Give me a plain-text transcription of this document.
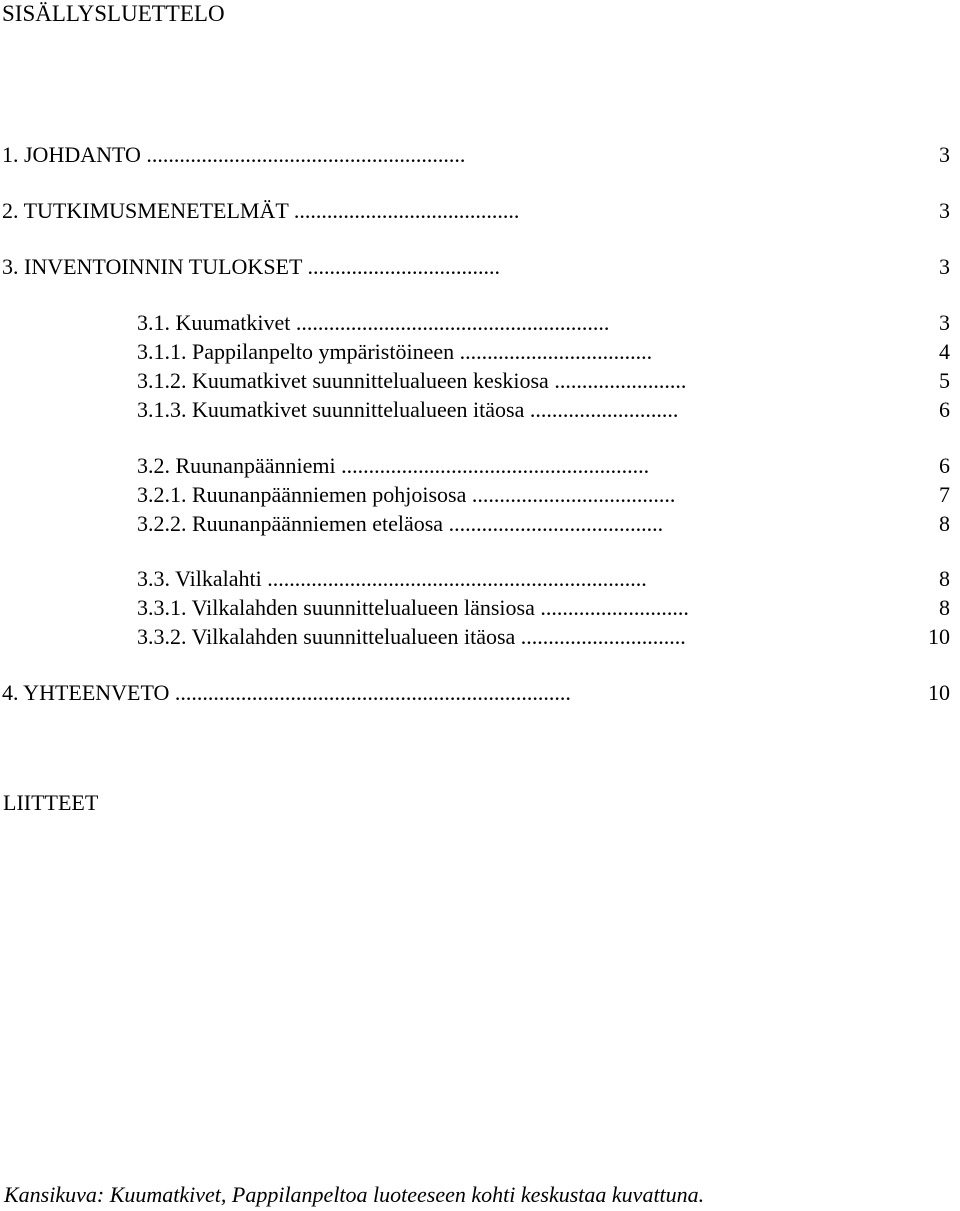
SISÄLLYSLUETTELO
1. JOHDANTO ..........................................................	3
2. TUTKIMUSMENETELMÄT .........................................	3
3. INVENTOINNIN TULOKSET ...................................	3
3.1. Kuumatkivet .........................................................	3
3.1.1. Pappilanpelto ympäristöineen ...................................	4
3.1.2. Kuumatkivet suunnittelualueen keskiosa ........................	5
3.1.3. Kuumatkivet suunnittelualueen itäosa ...........................	6
3.2. Ruunanpäänniemi ........................................................	6
3.2.1. Ruunanpäänniemen pohjoisosa .....................................	7
3.2.2. Ruunanpäänniemen eteläosa .......................................	8
3.3. Vilkalahti .....................................................................	8
3.3.1. Vilkalahden suunnittelualueen länsiosa ...........................	8
3.3.2. Vilkalahden suunnittelualueen itäosa ..............................	10
4. YHTEENVETO ........................................................................	10
LIITTEET
Kansikuva: Kuumatkivet, Pappilanpeltoa luoteeseen kohti keskustaa kuvattuna.
